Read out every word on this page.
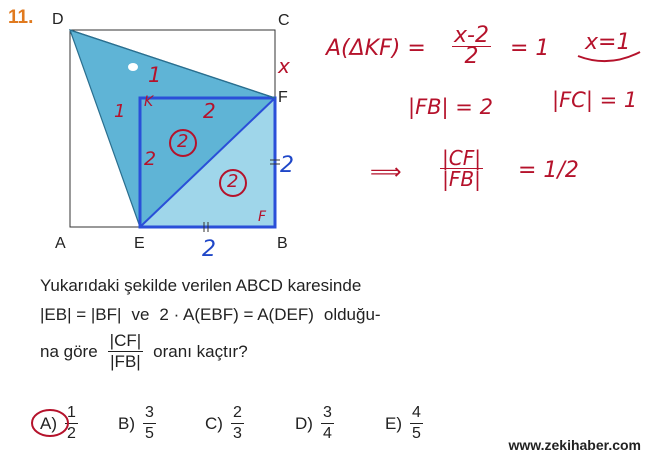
11. D	C
F
A	E	B
x
1
1 K 2
2
2
2
F
2
2
$A(\Delta KF) = \frac{x-2}{2} = 1$ x=1
|FB| = 2	|FC| = 1
⟹ $\frac{|CF|}{|FB|} = 1/2$
Yukarıdaki şekilde verilen ABCD karesinde
|EB| = |BF| ve 2 · A(EBF) = A(DEF) olduğu-
na göre $\frac{|CF|}{|FB|}$ oranı kaçtır?
$A) \frac{1}{2} B) \frac{3}{5}$	$C) \frac{2}{3}$	$D) \frac{3}{4}$	$E) \frac{4}{5}$
www.zekihaber.com
